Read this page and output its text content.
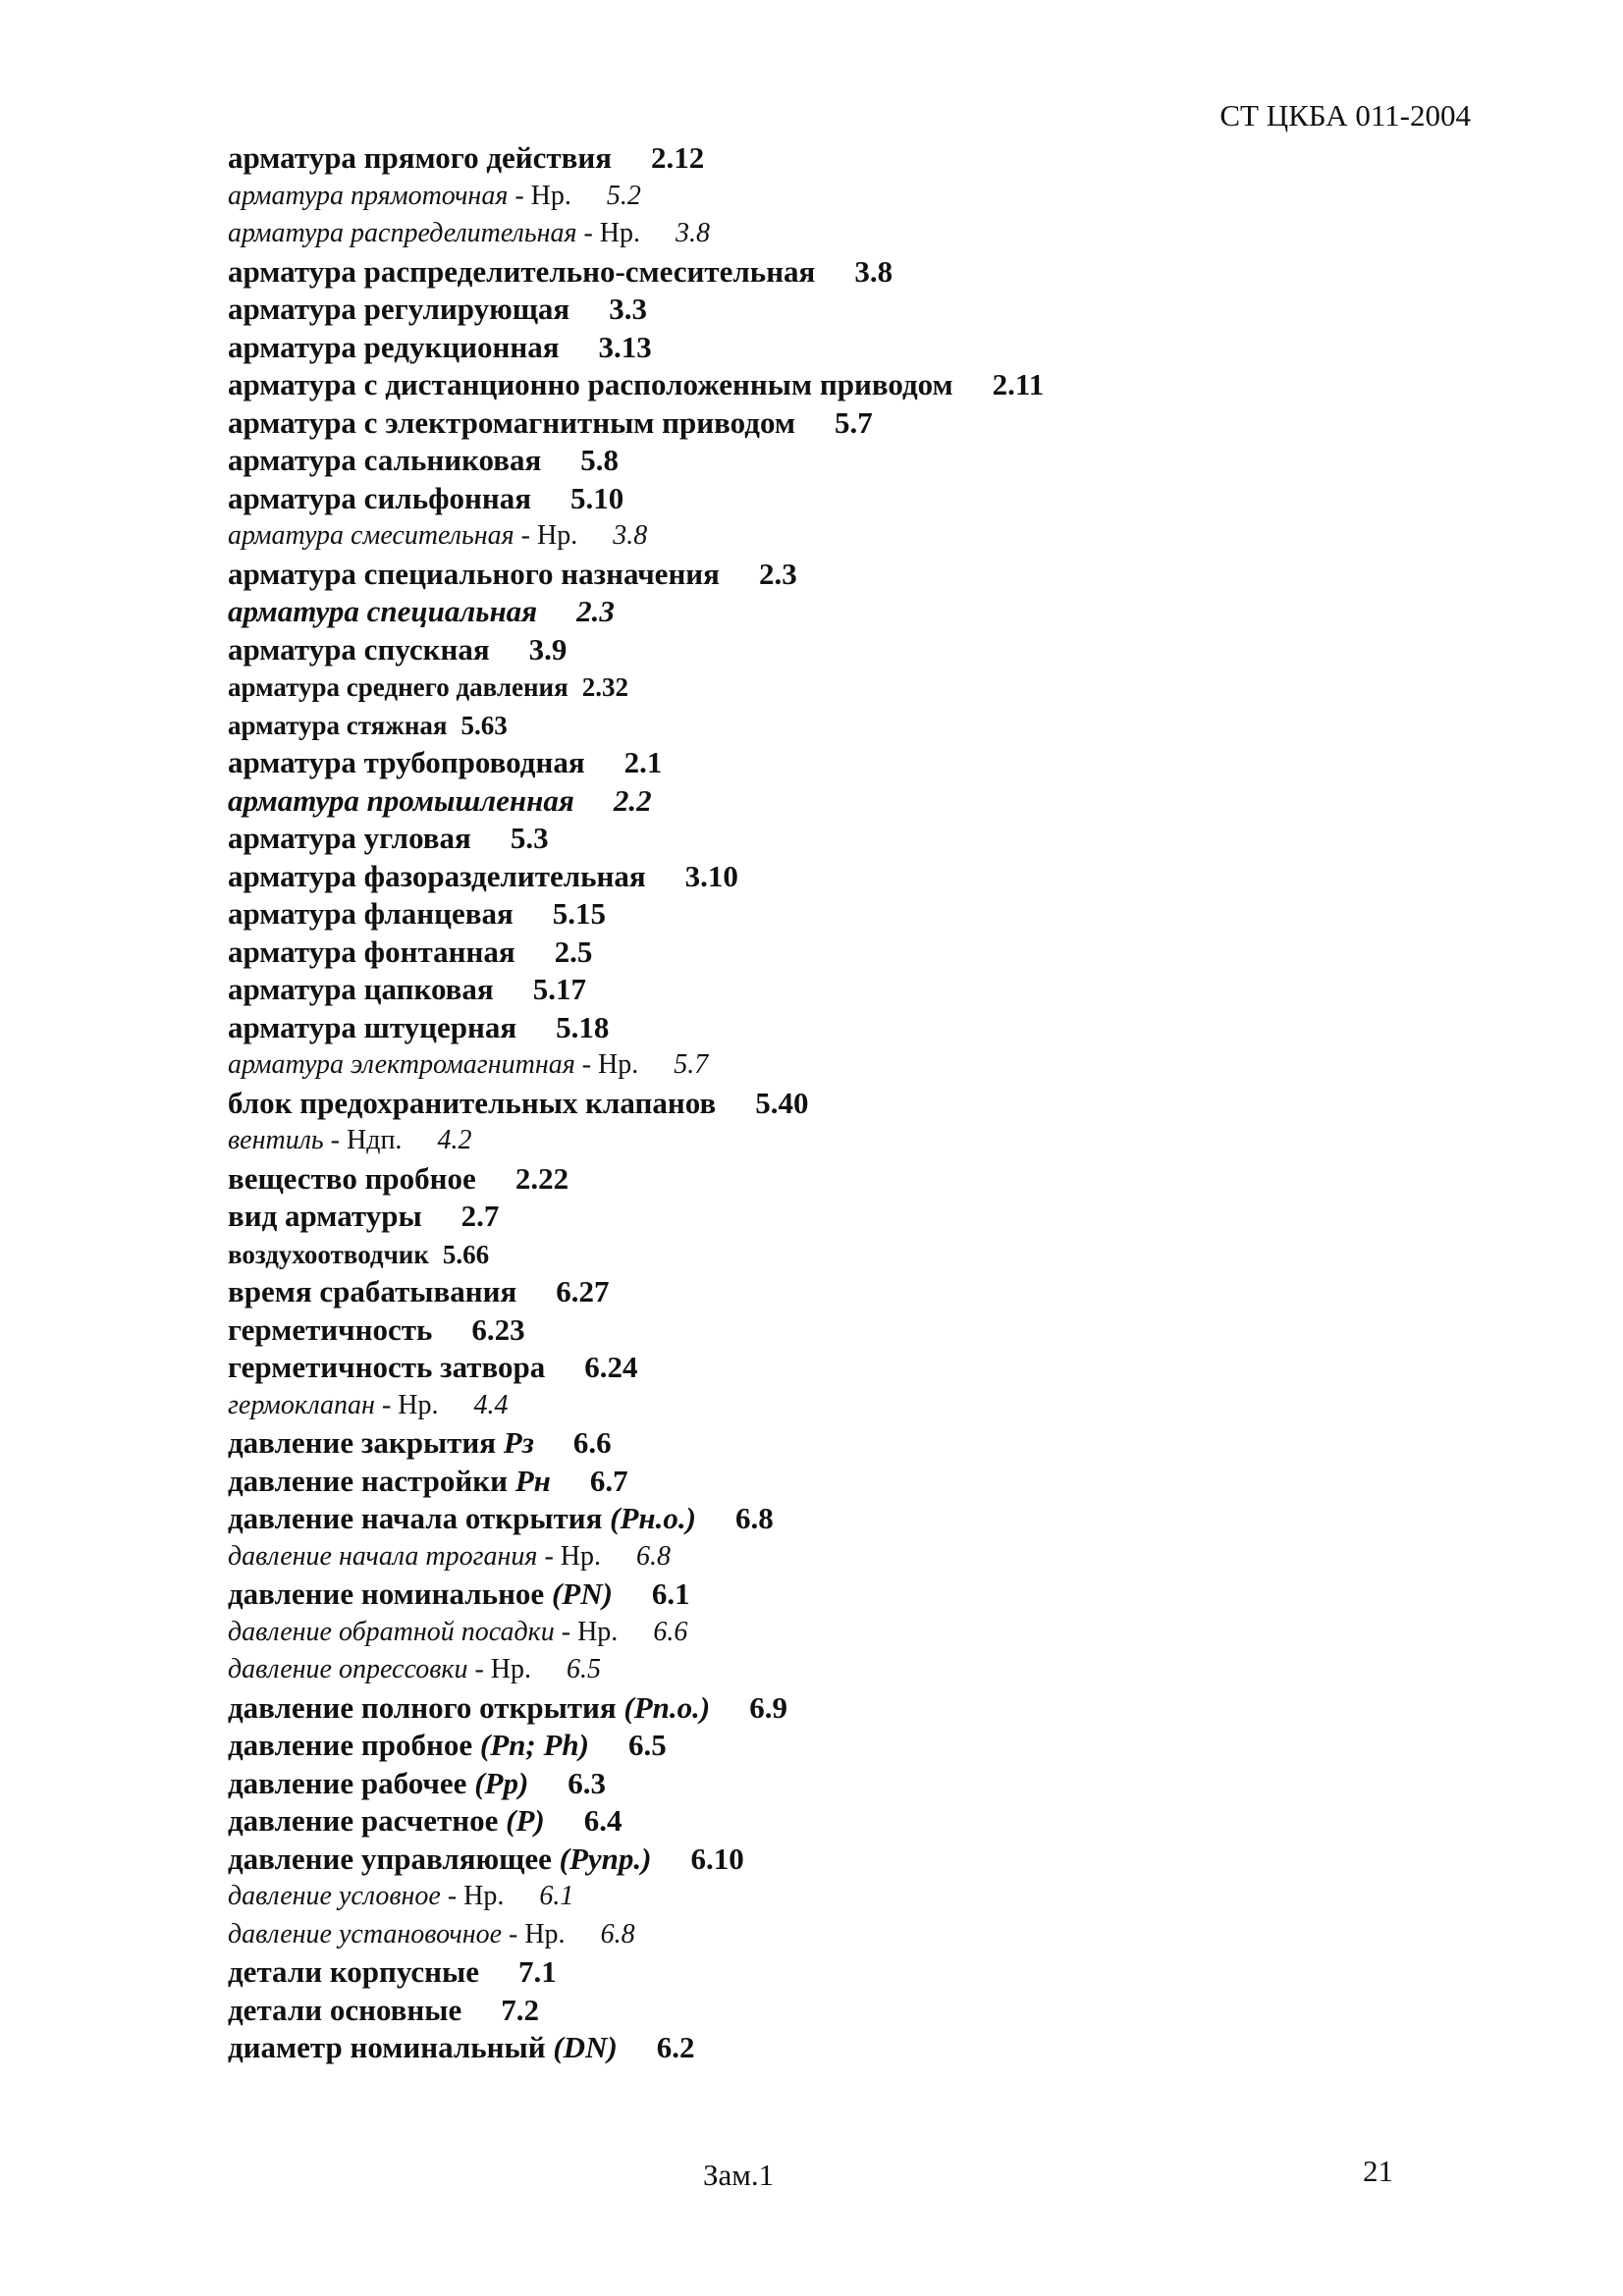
СТ ЦКБА 011-2004
арматура прямого действия 2.12
арматура прямоточная - Нр. 5.2
арматура распределительная - Нр. 3.8
арматура распределительно-смесительная 3.8
арматура регулирующая 3.3
арматура редукционная 3.13
арматура с дистанционно расположенным приводом 2.11
арматура с электромагнитным приводом 5.7
арматура сальниковая 5.8
арматура сильфонная 5.10
арматура смесительная - Нр. 3.8
арматура специального назначения 2.3
арматура специальная 2.3
арматура спускная 3.9
арматура среднего давления 2.32
арматура стяжная 5.63
арматура трубопроводная 2.1
арматура промышленная 2.2
арматура угловая 5.3
арматура фазоразделительная 3.10
арматура фланцевая 5.15
арматура фонтанная 2.5
арматура цапковая 5.17
арматура штуцерная 5.18
арматура электромагнитная - Нр. 5.7
блок предохранительных клапанов 5.40
вентиль - Ндп. 4.2
вещество пробное 2.22
вид арматуры 2.7
воздухоотводчик 5.66
время срабатывания 6.27
герметичность 6.23
герметичность затвора 6.24
гермоклапан - Нр. 4.4
давление закрытия Рз 6.6
давление настройки Рн 6.7
давление начала открытия (Рн.о.) 6.8
давление начала трогания - Нр. 6.8
давление номинальное (PN) 6.1
давление обратной посадки - Нр. 6.6
давление опрессовки - Нр. 6.5
давление полного открытия (Рп.о.) 6.9
давление пробное (Рп; Рh) 6.5
давление рабочее (Рр) 6.3
давление расчетное (Р) 6.4
давление управляющее (Рупр.) 6.10
давление условное - Нр. 6.1
давление установочное - Нр. 6.8
детали корпусные 7.1
детали основные 7.2
диаметр номинальный (DN) 6.2
Зам.1	21
